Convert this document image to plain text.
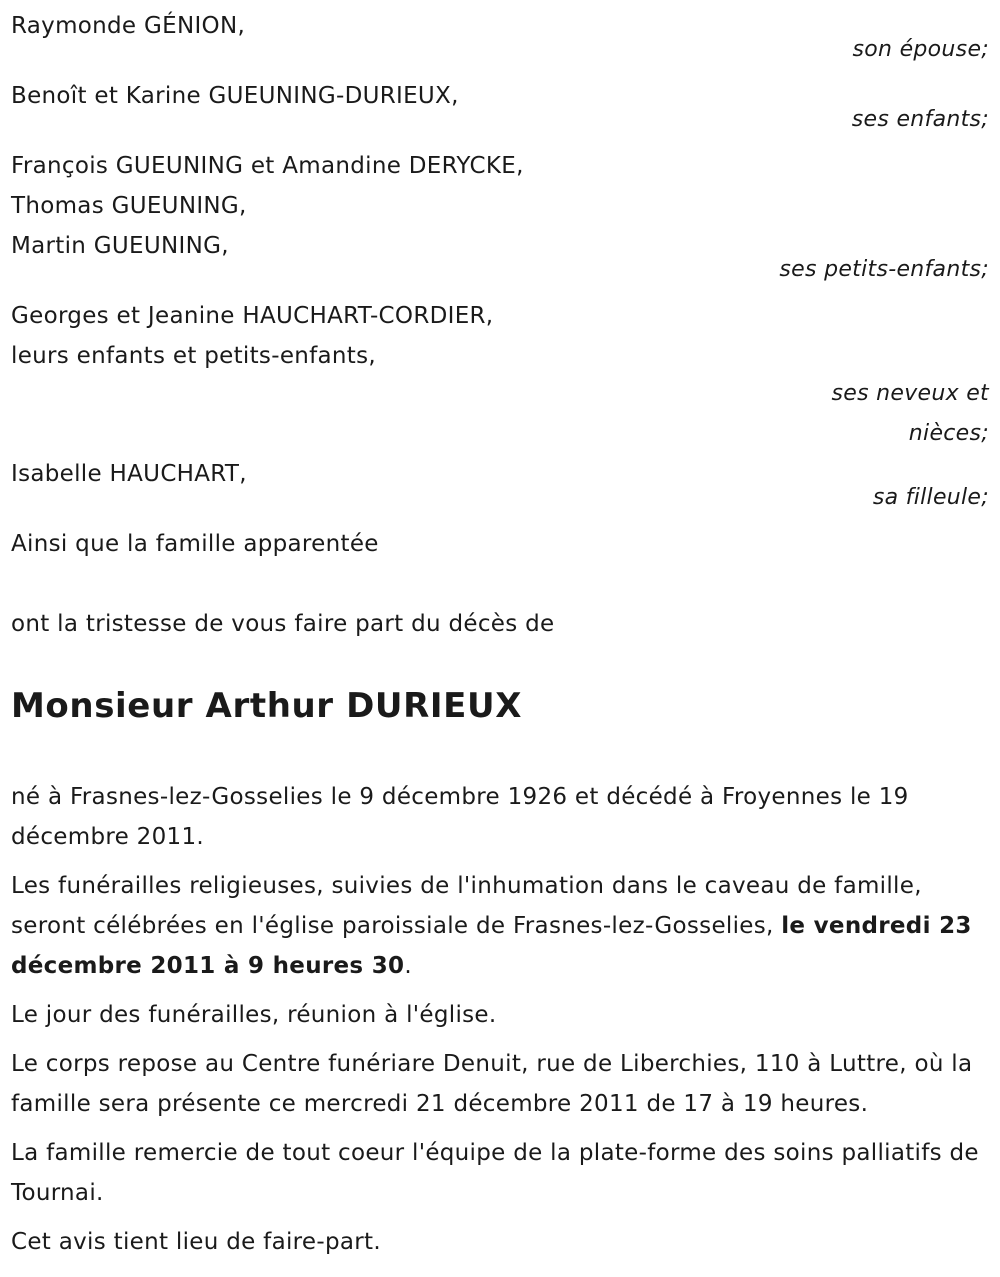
Raymonde GÉNION,
son épouse;
Benoît et Karine GUEUNING-DURIEUX,
ses enfants;
François GUEUNING et Amandine DERYCKE,
Thomas GUEUNING,
Martin GUEUNING,
ses petits-enfants;
Georges et Jeanine HAUCHART-CORDIER,
leurs enfants et petits-enfants,
ses neveux et
nièces;
Isabelle HAUCHART,
sa filleule;
Ainsi que la famille apparentée
ont la tristesse de vous faire part du décès de
Monsieur Arthur DURIEUX
né à Frasnes-lez-Gosselies le 9 décembre 1926 et décédé à Froyennes le 19 décembre 2011.
Les funérailles religieuses, suivies de l'inhumation dans le caveau de famille, seront célébrées en l'église paroissiale de Frasnes-lez-Gosselies, le vendredi 23 décembre 2011 à 9 heures 30.
Le jour des funérailles, réunion à l'église.
Le corps repose au Centre funériare Denuit, rue de Liberchies, 110 à Luttre, où la famille sera présente ce mercredi 21 décembre 2011 de 17 à 19 heures.
La famille remercie de tout coeur l'équipe de la plate-forme des soins palliatifs de Tournai.
Cet avis tient lieu de faire-part.
